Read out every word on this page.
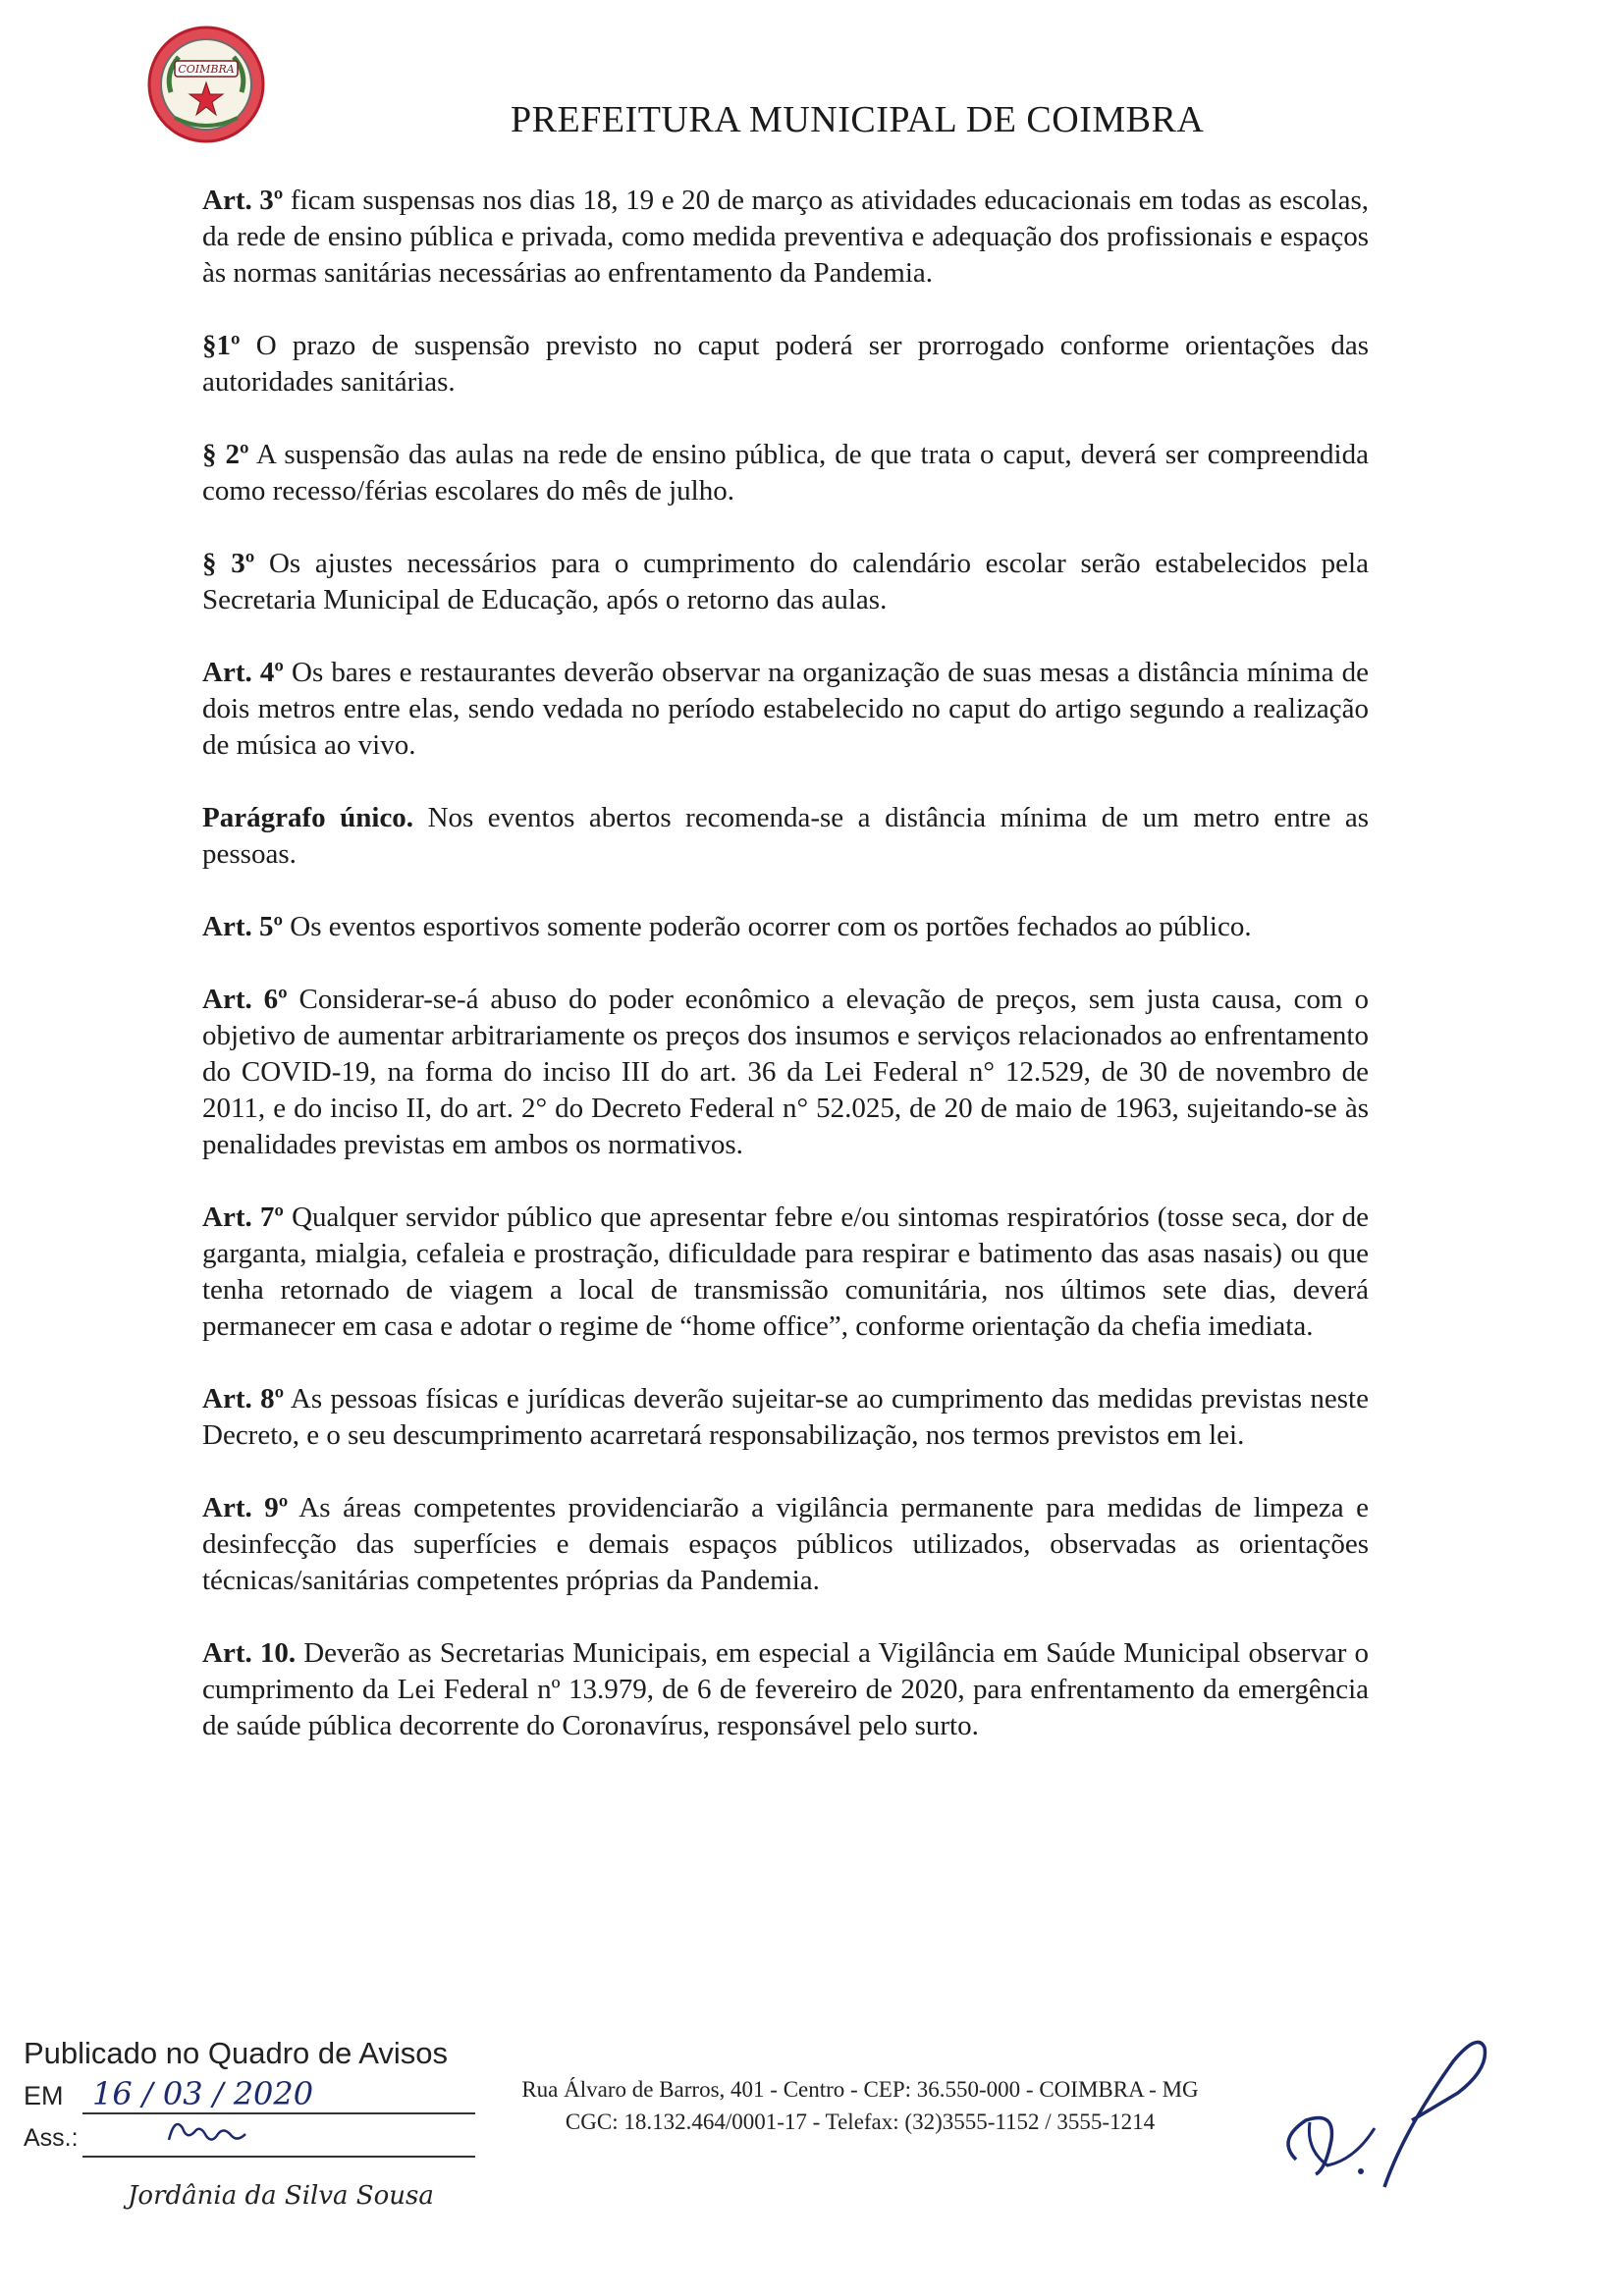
COIMBRA
PREFEITURA MUNICIPAL DE COIMBRA

Art. 3º ficam suspensas nos dias 18, 19 e 20 de março as atividades educacionais em todas as escolas, da rede de ensino pública e privada, como medida preventiva e adequação dos profissionais e espaços às normas sanitárias necessárias ao enfrentamento da Pandemia.

§1º O prazo de suspensão previsto no caput poderá ser prorrogado conforme orientações das autoridades sanitárias.

§ 2º A suspensão das aulas na rede de ensino pública, de que trata o caput, deverá ser compreendida como recesso/férias escolares do mês de julho.

§ 3º Os ajustes necessários para o cumprimento do calendário escolar serão estabelecidos pela Secretaria Municipal de Educação, após o retorno das aulas.

Art. 4º Os bares e restaurantes deverão observar na organização de suas mesas a distância mínima de dois metros entre elas, sendo vedada no período estabelecido no caput do artigo segundo a realização de música ao vivo.

Parágrafo único. Nos eventos abertos recomenda-se a distância mínima de um metro entre as pessoas.

Art. 5º Os eventos esportivos somente poderão ocorrer com os portões fechados ao público.

Art. 6º Considerar-se-á abuso do poder econômico a elevação de preços, sem justa causa, com o objetivo de aumentar arbitrariamente os preços dos insumos e serviços relacionados ao enfrentamento do COVID-19, na forma do inciso III do art. 36 da Lei Federal n° 12.529, de 30 de novembro de 2011, e do inciso II, do art. 2° do Decreto Federal n° 52.025, de 20 de maio de 1963, sujeitando-se às penalidades previstas em ambos os normativos.

Art. 7º Qualquer servidor público que apresentar febre e/ou sintomas respiratórios (tosse seca, dor de garganta, mialgia, cefaleia e prostração, dificuldade para respirar e batimento das asas nasais) ou que tenha retornado de viagem a local de transmissão comunitária, nos últimos sete dias, deverá permanecer em casa e adotar o regime de “home office”, conforme orientação da chefia imediata.

Art. 8º As pessoas físicas e jurídicas deverão sujeitar-se ao cumprimento das medidas previstas neste Decreto, e o seu descumprimento acarretará responsabilização, nos termos previstos em lei.

Art. 9º As áreas competentes providenciarão a vigilância permanente para medidas de limpeza e desinfecção das superfícies e demais espaços públicos utilizados, observadas as orientações técnicas/sanitárias competentes próprias da Pandemia.

Art. 10. Deverão as Secretarias Municipais, em especial a Vigilância em Saúde Municipal observar o cumprimento da Lei Federal nº 13.979, de 6 de fevereiro de 2020, para enfrentamento da emergência de saúde pública decorrente do Coronavírus, responsável pelo surto.

Publicado no Quadro de Avisos
EM 16 / 03 / 2020
Ass.:
Jordânia da Silva Sousa
Rua Álvaro de Barros, 401 - Centro - CEP: 36.550-000 - COIMBRA - MG
CGC: 18.132.464/0001-17 - Telefax: (32)3555-1152 / 3555-1214
